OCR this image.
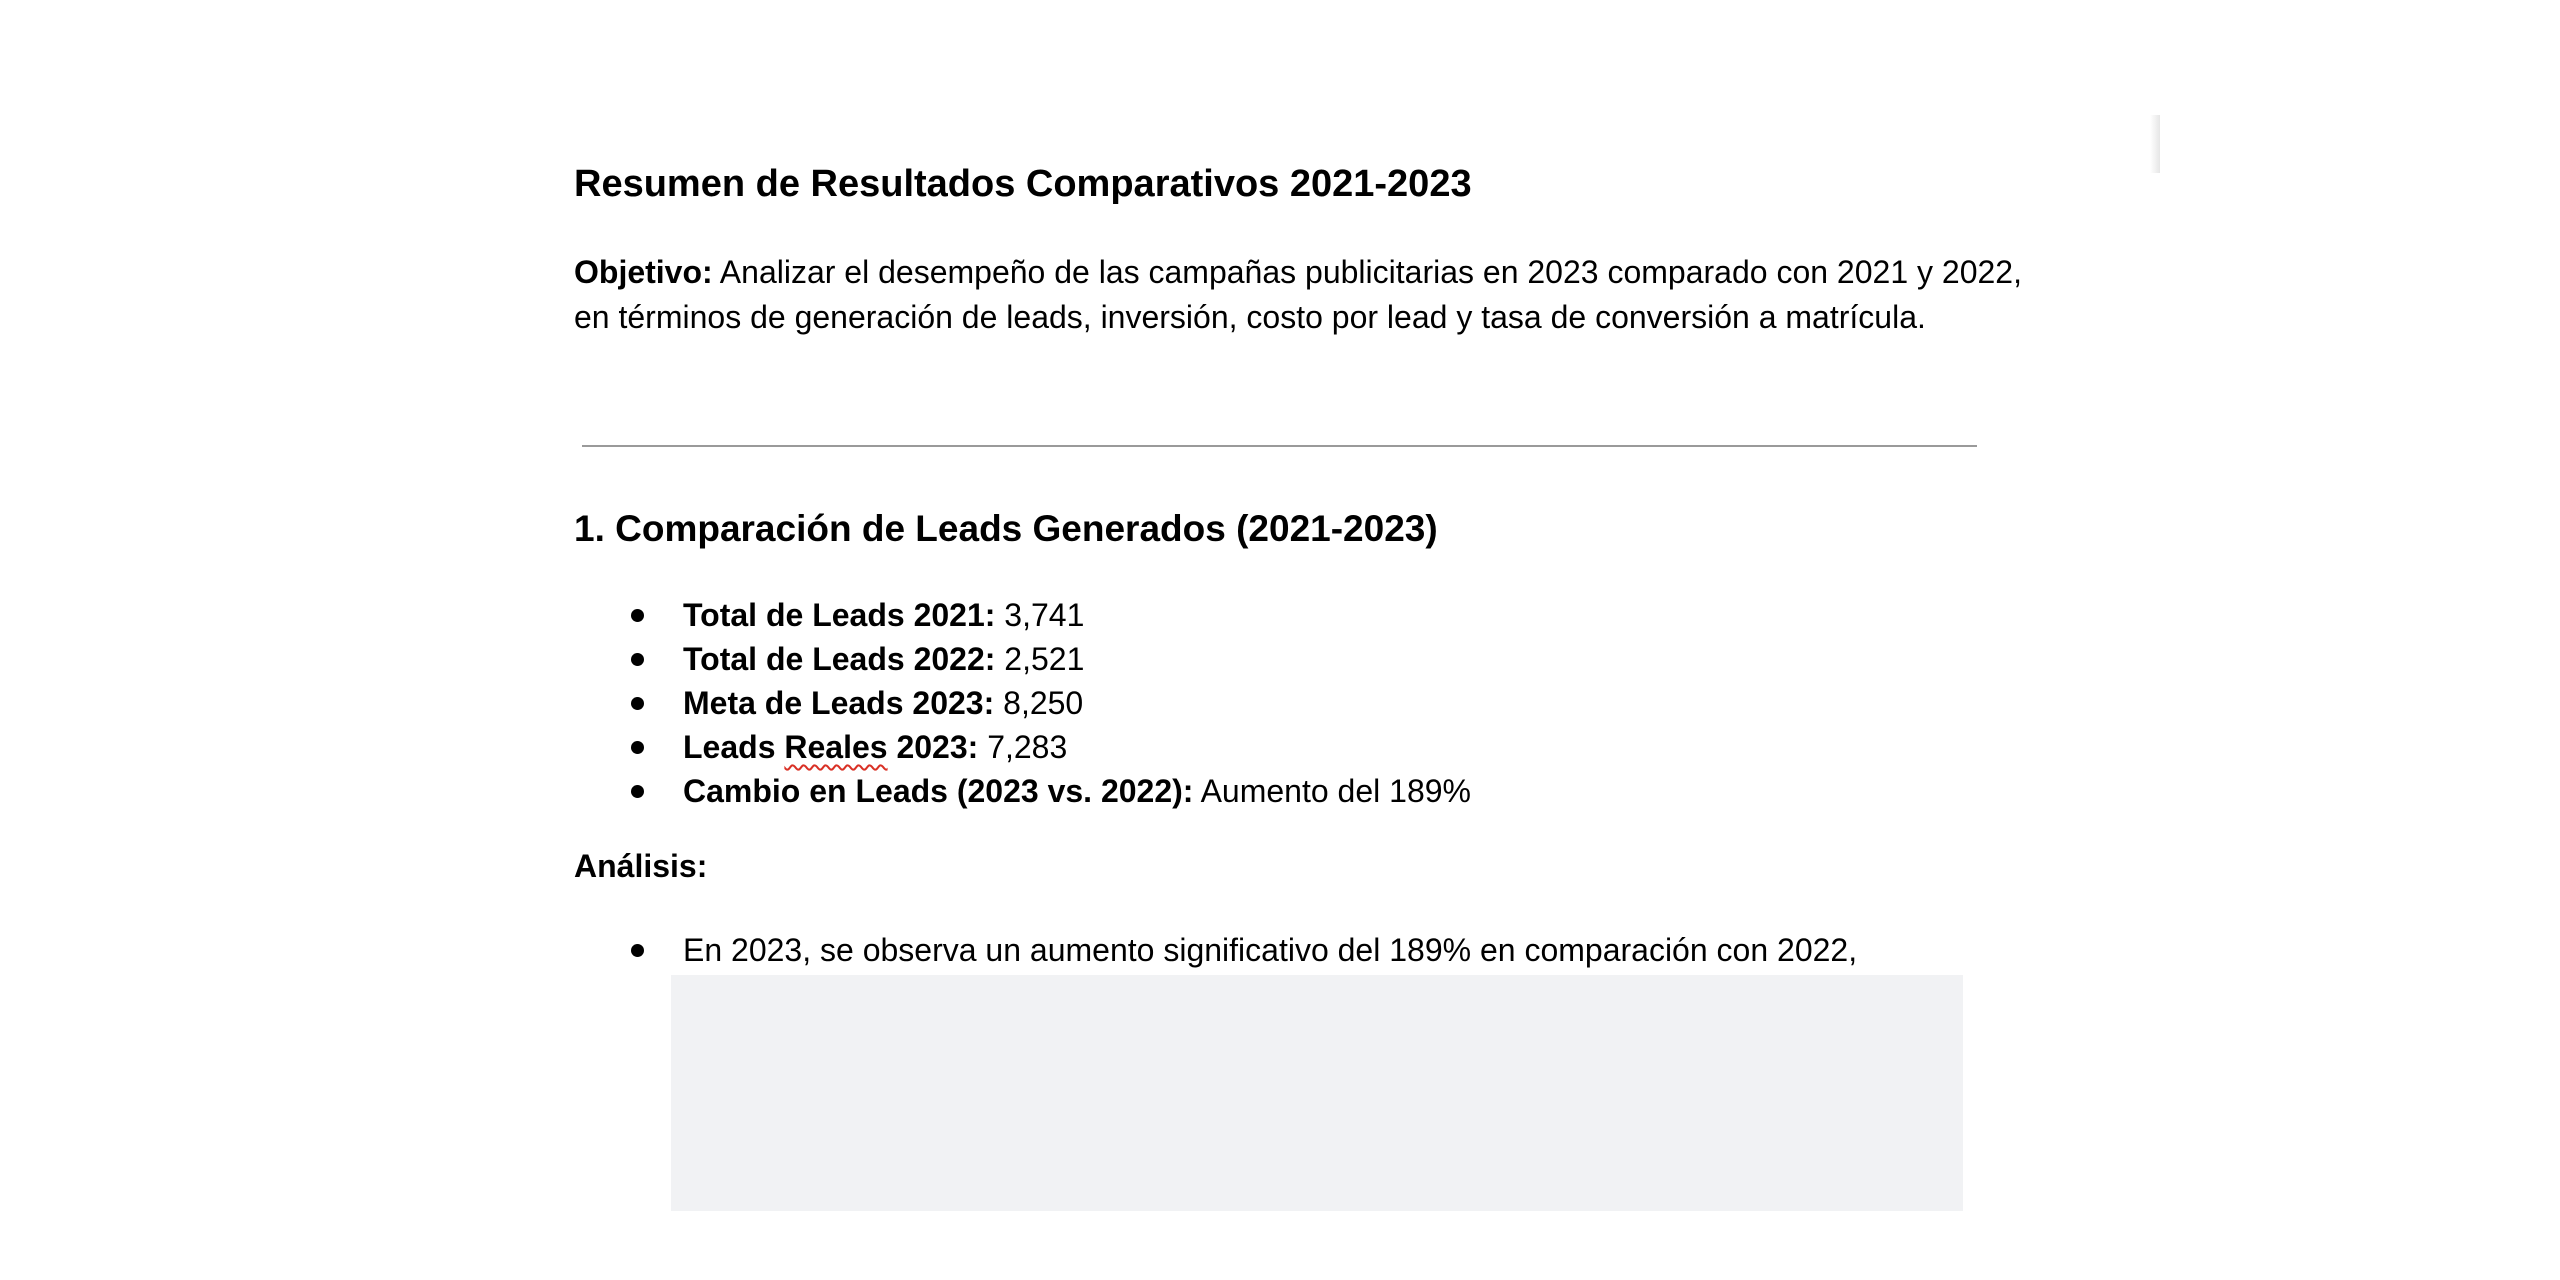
Resumen de Resultados Comparativos 2021-2023

Objetivo: Analizar el desempeño de las campañas publicitarias en 2023 comparado con 2021 y 2022, en términos de generación de leads, inversión, costo por lead y tasa de conversión a matrícula.

1. Comparación de Leads Generados (2021-2023)
Total de Leads 2021: 3,741
Total de Leads 2022: 2,521
Meta de Leads 2023: 8,250
Leads Reales 2023: 7,283
Cambio en Leads (2023 vs. 2022): Aumento del 189%
Análisis:
En 2023, se observa un aumento significativo del 189% en comparación con 2022,
